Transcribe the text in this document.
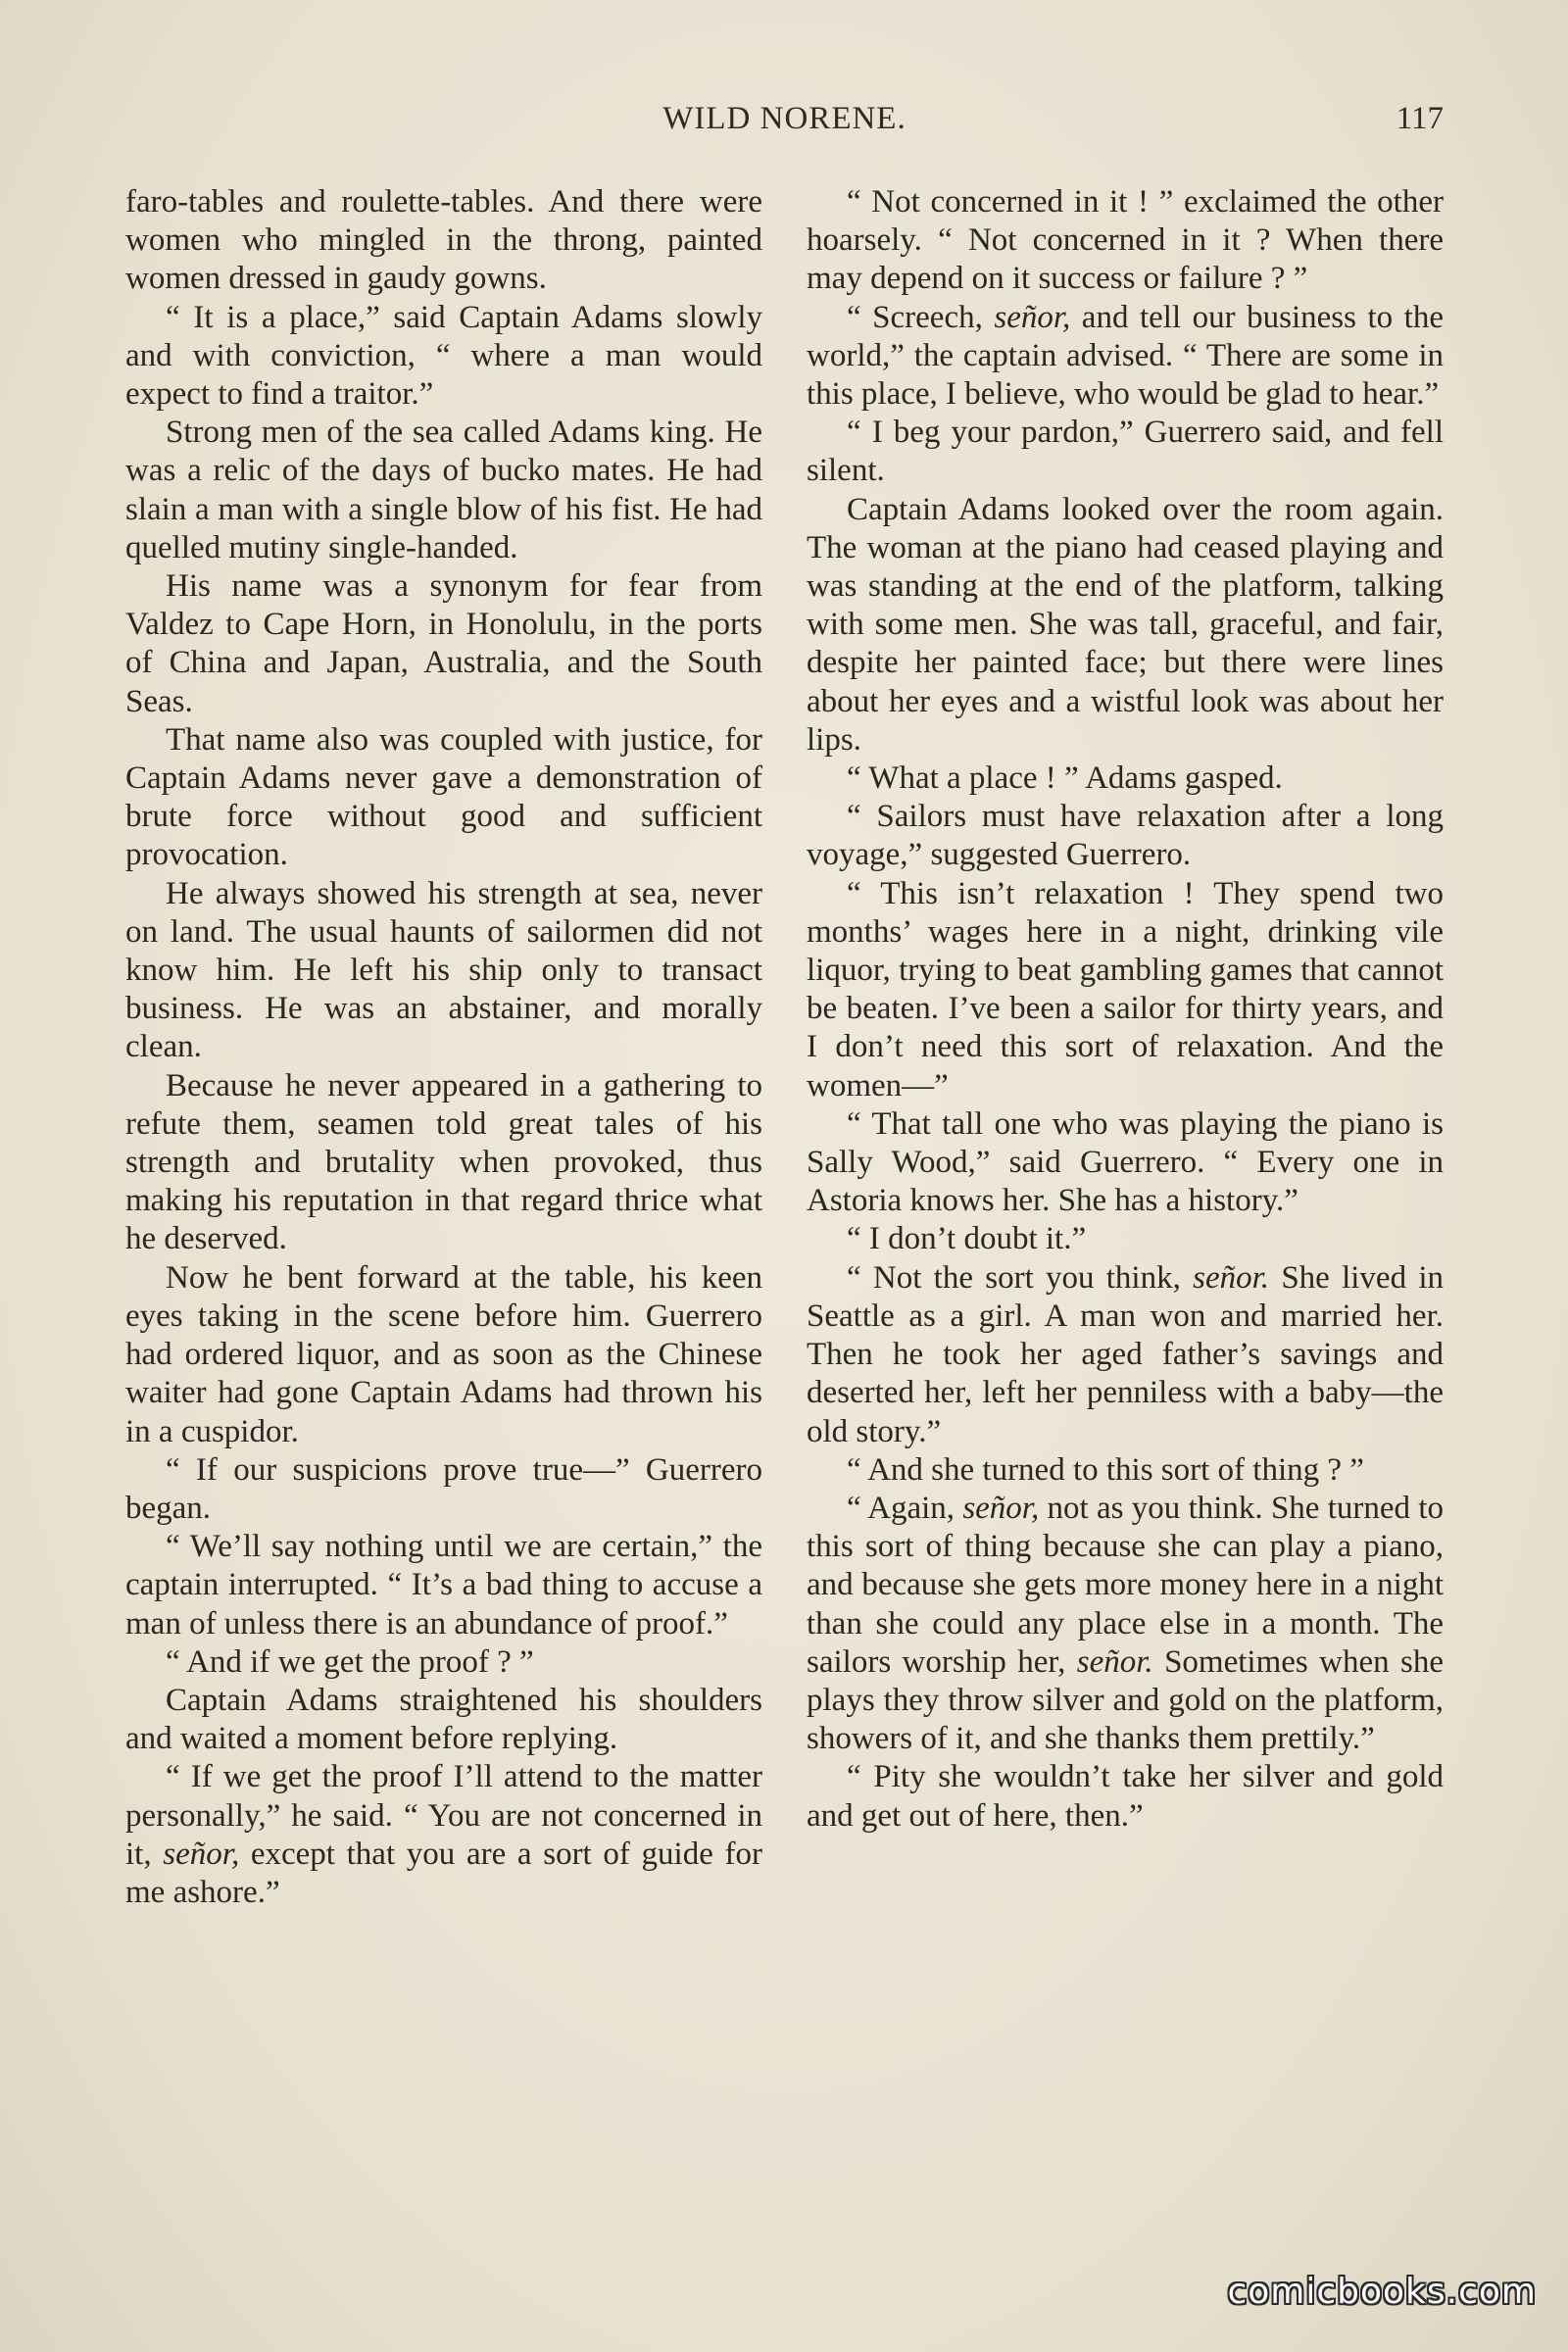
WILD NORENE.	117

faro-tables and roulette-tables. And there were women who mingled in the throng, painted women dressed in gaudy gowns.

“ It is a place,” said Captain Adams slowly and with conviction, “ where a man would expect to find a traitor.”

Strong men of the sea called Adams king. He was a relic of the days of bucko mates. He had slain a man with a single blow of his fist. He had quelled mutiny single-handed.

His name was a synonym for fear from Valdez to Cape Horn, in Honolulu, in the ports of China and Japan, Australia, and the South Seas.

That name also was coupled with justice, for Captain Adams never gave a demonstration of brute force without good and sufficient provocation.

He always showed his strength at sea, never on land. The usual haunts of sailormen did not know him. He left his ship only to transact business. He was an abstainer, and morally clean.

Because he never appeared in a gathering to refute them, seamen told great tales of his strength and brutality when provoked, thus making his reputation in that regard thrice what he deserved.

Now he bent forward at the table, his keen eyes taking in the scene before him. Guerrero had ordered liquor, and as soon as the Chinese waiter had gone Captain Adams had thrown his in a cuspidor.

“ If our suspicions prove true—” Guerrero began.

“ We’ll say nothing until we are certain,” the captain interrupted. “ It’s a bad thing to accuse a man of unless there is an abundance of proof.”

“ And if we get the proof ? ”

Captain Adams straightened his shoulders and waited a moment before replying.

“ If we get the proof I’ll attend to the matter personally,” he said. “ You are not concerned in it, señor, except that you are a sort of guide for me ashore.”

“ Not concerned in it ! ” exclaimed the other hoarsely. “ Not concerned in it ? When there may depend on it success or failure ? ”

“ Screech, señor, and tell our business to the world,” the captain advised. “ There are some in this place, I believe, who would be glad to hear.”

“ I beg your pardon,” Guerrero said, and fell silent.

Captain Adams looked over the room again. The woman at the piano had ceased playing and was standing at the end of the platform, talking with some men. She was tall, graceful, and fair, despite her painted face; but there were lines about her eyes and a wistful look was about her lips.

“ What a place ! ” Adams gasped.

“ Sailors must have relaxation after a long voyage,” suggested Guerrero.

“ This isn’t relaxation ! They spend two months’ wages here in a night, drinking vile liquor, trying to beat gambling games that cannot be beaten. I’ve been a sailor for thirty years, and I don’t need this sort of relaxation. And the women—”

“ That tall one who was playing the piano is Sally Wood,” said Guerrero. “ Every one in Astoria knows her. She has a history.”

“ I don’t doubt it.”

“ Not the sort you think, señor. She lived in Seattle as a girl. A man won and married her. Then he took her aged father’s savings and deserted her, left her penniless with a baby—the old story.”

“ And she turned to this sort of thing ? ”

“ Again, señor, not as you think. She turned to this sort of thing because she can play a piano, and because she gets more money here in a night than she could any place else in a month. The sailors worship her, señor. Sometimes when she plays they throw silver and gold on the platform, showers of it, and she thanks them prettily.”

“ Pity she wouldn’t take her silver and gold and get out of here, then.”

comicbooks.com
